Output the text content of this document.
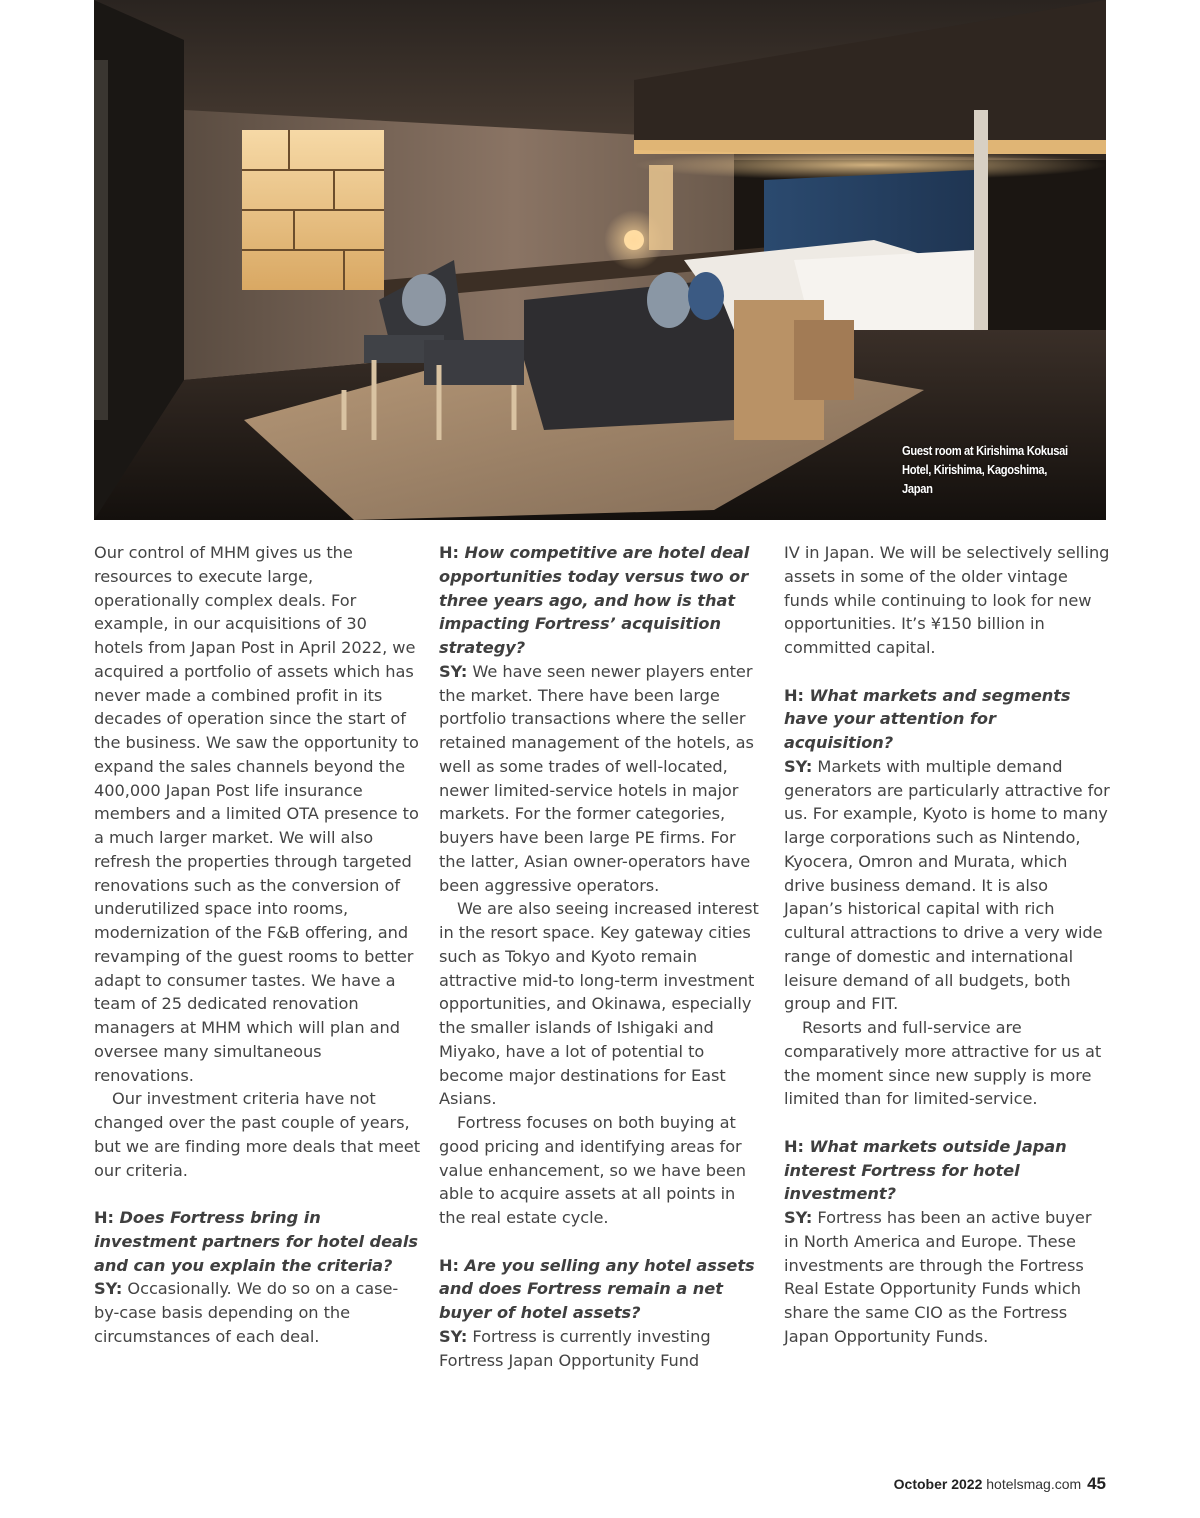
Guest room at Kirishima Kokusai
Hotel, Kirishima, Kagoshima, Japan

Our control of MHM gives us the resources to execute large, operationally complex deals. For example, in our acquisitions of 30 hotels from Japan Post in April 2022, we acquired a portfolio of assets which has never made a combined profit in its decades of operation since the start of the business. We saw the opportunity to expand the sales channels beyond the 400,000 Japan Post life insurance members and a limited OTA presence to a much larger market. We will also refresh the properties through targeted renovations such as the conversion of underutilized space into rooms, modernization of the F&B offering, and revamping of the guest rooms to better adapt to consumer tastes. We have a team of 25 dedicated renovation managers at MHM which will plan and oversee many simultaneous renovations.

Our investment criteria have not changed over the past couple of years, but we are finding more deals that meet our criteria.

H: Does Fortress bring in investment partners for hotel deals and can you explain the criteria?

SY: Occasionally. We do so on a case-by-case basis depending on the circumstances of each deal.

H: How competitive are hotel deal opportunities today versus two or three years ago, and how is that impacting Fortress’ acquisition strategy?

SY: We have seen newer players enter the market. There have been large portfolio transactions where the seller retained management of the hotels, as well as some trades of well-located, newer limited-service hotels in major markets. For the former categories, buyers have been large PE firms. For the latter, Asian owner-operators have been aggressive operators.

We are also seeing increased interest in the resort space. Key gateway cities such as Tokyo and Kyoto remain attractive mid-to long-term investment opportunities, and Okinawa, especially the smaller islands of Ishigaki and Miyako, have a lot of potential to become major destinations for East Asians.

Fortress focuses on both buying at good pricing and identifying areas for value enhancement, so we have been able to acquire assets at all points in the real estate cycle.

H: Are you selling any hotel assets and does Fortress remain a net buyer of hotel assets?

SY: Fortress is currently investing Fortress Japan Opportunity Fund

IV in Japan. We will be selectively selling assets in some of the older vintage funds while continuing to look for new opportunities. It’s ¥150 billion in committed capital.

H: What markets and segments have your attention for acquisition?

SY: Markets with multiple demand generators are particularly attractive for us. For example, Kyoto is home to many large corporations such as Nintendo, Kyocera, Omron and Murata, which drive business demand. It is also Japan’s historical capital with rich cultural attractions to drive a very wide range of domestic and international leisure demand of all budgets, both group and FIT.

Resorts and full-service are comparatively more attractive for us at the moment since new supply is more limited than for limited-service.

H: What markets outside Japan interest Fortress for hotel investment?

SY: Fortress has been an active buyer in North America and Europe. These investments are through the Fortress Real Estate Opportunity Funds which share the same CIO as the Fortress Japan Opportunity Funds.

October 2022 hotelsmag.com 45
